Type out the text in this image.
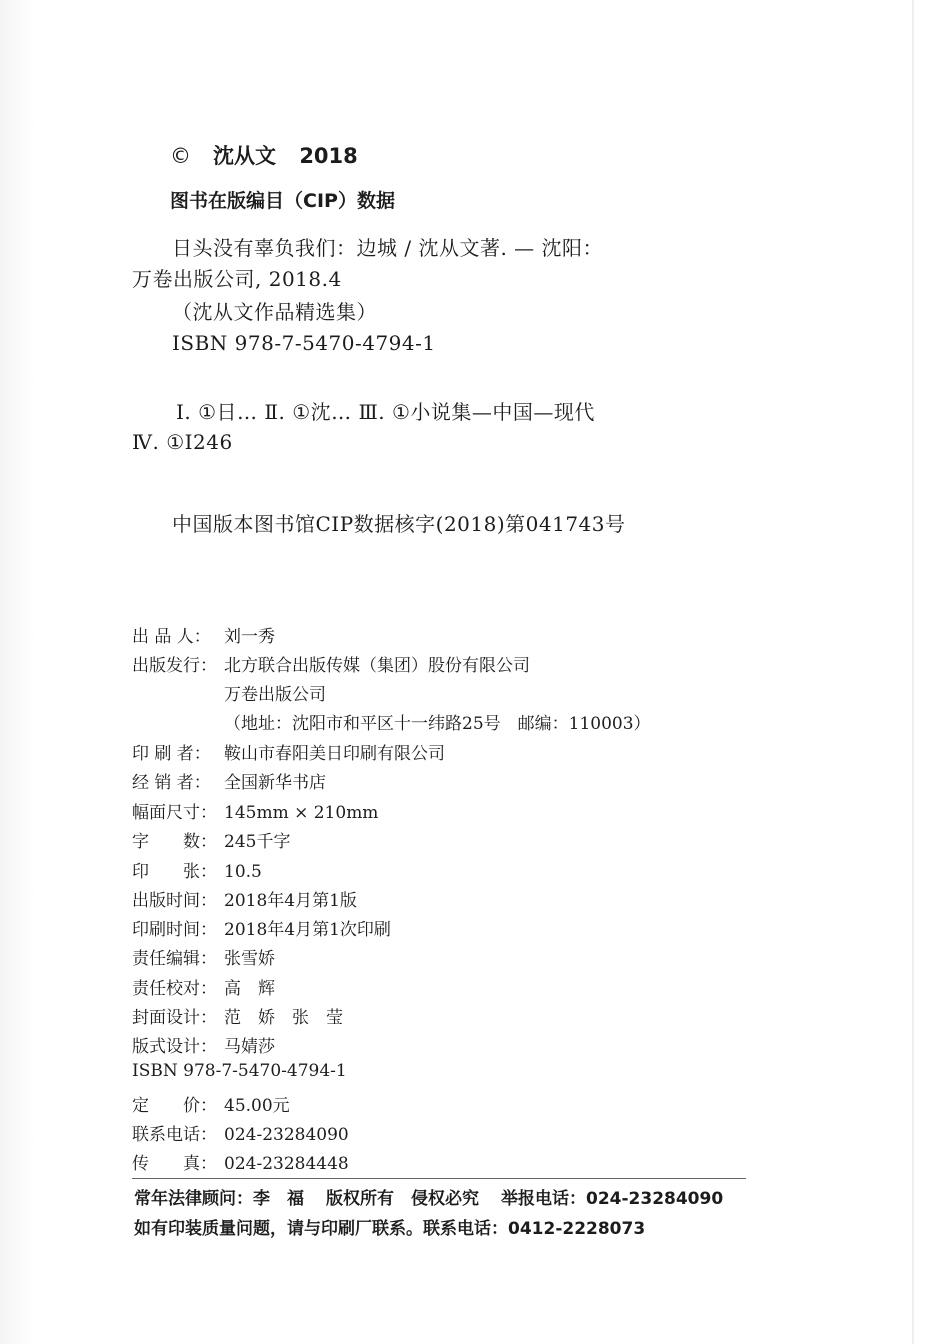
© 沈从文 2018
图书在版编目（CIP）数据
日头没有辜负我们：边城 / 沈从文著. — 沈阳：
万卷出版公司, 2018.4
（沈从文作品精选集）
ISBN 978-7-5470-4794-1
Ⅰ. ①日… Ⅱ. ①沈… Ⅲ. ①小说集—中国—现代
Ⅳ. ①I246
中国版本图书馆CIP数据核字(2018)第041743号
出 品 人： 刘一秀
出版发行： 北方联合出版传媒（集团）股份有限公司
万卷出版公司
（地址：沈阳市和平区十一纬路25号　邮编：110003）
印 刷 者： 鞍山市春阳美日印刷有限公司
经 销 者： 全国新华书店
幅面尺寸： 145mm × 210mm
字　　数： 245千字
印　　张： 10.5
出版时间： 2018年4月第1版
印刷时间： 2018年4月第1次印刷
责任编辑： 张雪娇
责任校对： 高　辉
封面设计： 范　娇　张　莹
版式设计： 马婧莎
ISBN 978-7-5470-4794-1
定　　价： 45.00元
联系电话： 024-23284090
传　　真： 024-23284448
常年法律顾问：李　福 版权所有　侵权必究 举报电话：024-23284090
如有印装质量问题，请与印刷厂联系。联系电话：0412-2228073
